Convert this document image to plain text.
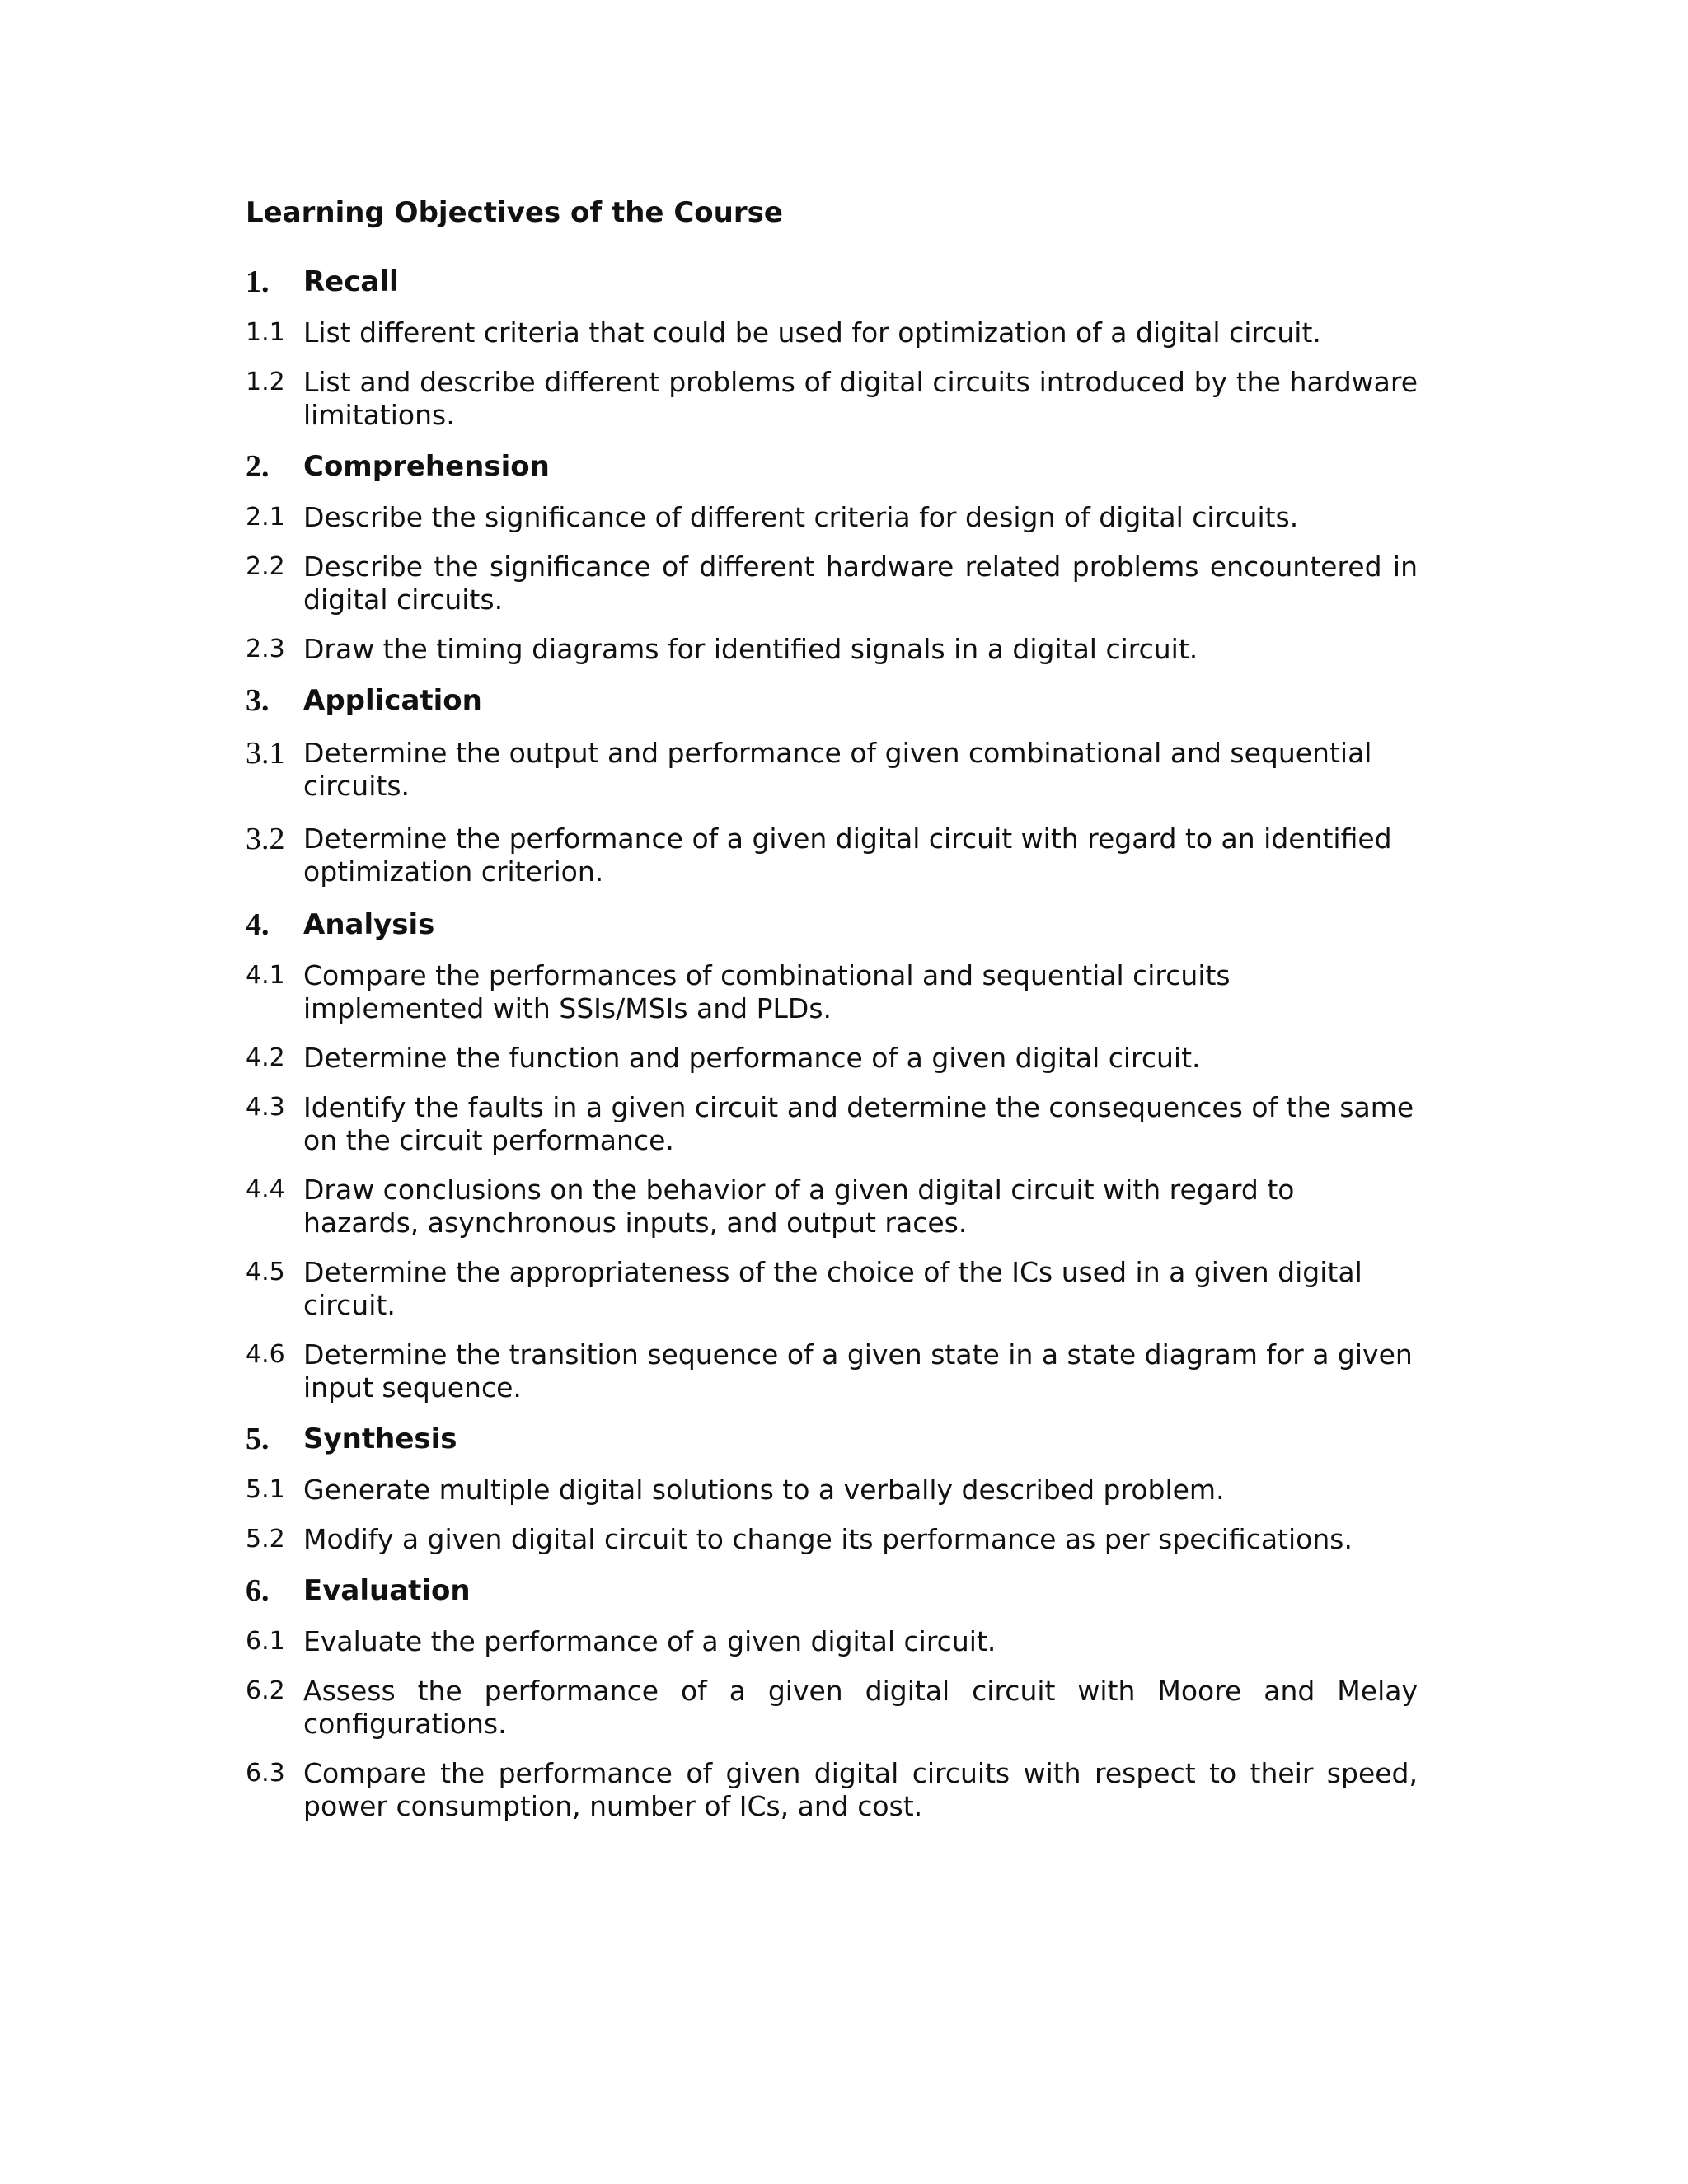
Learning Objectives of the Course
1. Recall
1.1 List different criteria that could be used for optimization of a digital circuit.
1.2 List and describe different problems of digital circuits introduced by the hardware limitations.
2. Comprehension
2.1 Describe the significance of different criteria for design of digital circuits.
2.2 Describe the significance of different hardware related problems encountered in digital circuits.
2.3 Draw the timing diagrams for identified signals in a digital circuit.
3. Application
3.1 Determine the output and performance of given combinational and sequential circuits.
3.2 Determine the performance of a given digital circuit with regard to an identified optimization criterion.
4. Analysis
4.1 Compare the performances of combinational and sequential circuits implemented with SSIs/MSIs and PLDs.
4.2 Determine the function and performance of a given digital circuit.
4.3 Identify the faults in a given circuit and determine the consequences of the same on the circuit performance.
4.4 Draw conclusions on the behavior of a given digital circuit with regard to hazards, asynchronous inputs, and output races.
4.5 Determine the appropriateness of the choice of the ICs used in a given digital circuit.
4.6 Determine the transition sequence of a given state in a state diagram for a given input sequence.
5. Synthesis
5.1 Generate multiple digital solutions to a verbally described problem.
5.2 Modify a given digital circuit to change its performance as per specifications.
6. Evaluation
6.1 Evaluate the performance of a given digital circuit.
6.2 Assess the performance of a given digital circuit with Moore and Melay configurations.
6.3 Compare the performance of given digital circuits with respect to their speed, power consumption, number of ICs, and cost.
